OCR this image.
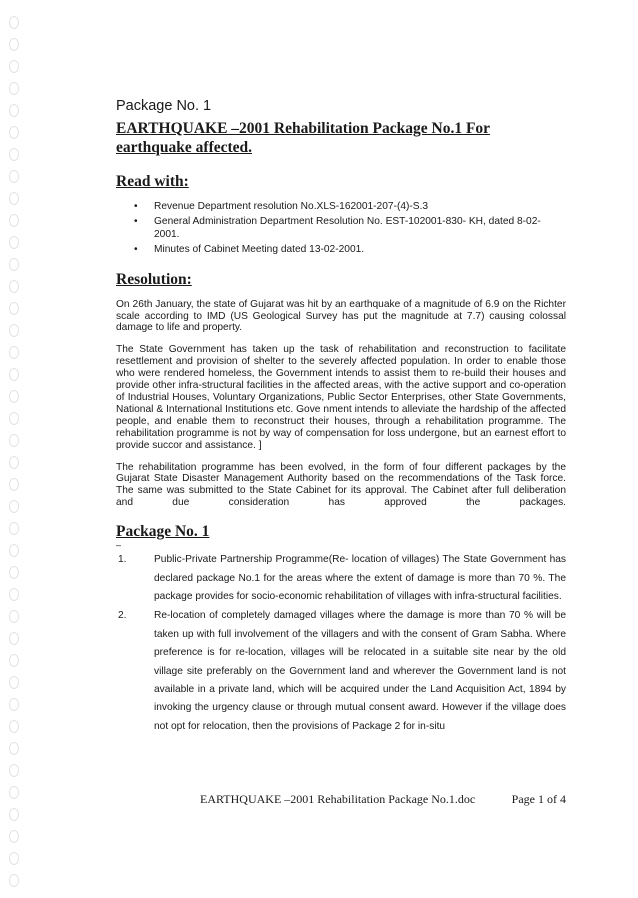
Package No. 1

EARTHQUAKE –2001 Rehabilitation Package No.1 For earthquake affected.
Read with:
• Revenue Department resolution No.XLS-162001-207-(4)-S.3
• General Administration Department Resolution No. EST-102001-830- KH, dated 8-02-2001.
• Minutes of Cabinet Meeting dated 13-02-2001.
Resolution:

On 26th January, the state of Gujarat was hit by an earthquake of a magnitude of 6.9 on the Richter scale according to IMD (US Geological Survey has put the magnitude at 7.7) causing colossal damage to life and property.

The State Government has taken up the task of rehabilitation and reconstruction to facilitate resettlement and provision of shelter to the severely affected population. In order to enable those who were rendered homeless, the Government intends to assist them to re-build their houses and provide other infra-structural facilities in the affected areas, with the active support and co-operation of Industrial Houses, Voluntary Organizations, Public Sector Enterprises, other State Governments, National & International Institutions etc. Gove nment intends to alleviate the hardship of the affected people, and enable them to reconstruct their houses, through a rehabilitation programme. The rehabilitation programme is not by way of compensation for loss undergone, but an earnest effort to provide succor and assistance. ]

The rehabilitation programme has been evolved, in the form of four different packages by the Gujarat State Disaster Management Authority based on the recommendations of the Task force. The same was submitted to the State Cabinet for its approval. The Cabinet after full deliberation and due consideration has approved the packages.

Package No. 1

–

1.	Public-Private Partnership Programme(Re- location of villages) The State Government has declared package No.1 for the areas where the extent of damage is more than 70 %. The package provides for socio-economic rehabilitation of villages with infra-structural facilities.
2.	Re-location of completely damaged villages where the damage is more than 70 % will be taken up with full involvement of the villagers and with the consent of Gram Sabha. Where preference is for re-location, villages will be relocated in a suitable site near by the old village site preferably on the Government land and wherever the Government land is not available in a private land, which will be acquired under the Land Acquisition Act, 1894 by invoking the urgency clause or through mutual consent award. However if the village does not opt for relocation, then the provisions of Package 2 for in-situ
EARTHQUAKE –2001 Rehabilitation Package No.1.doc	Page 1 of 4
